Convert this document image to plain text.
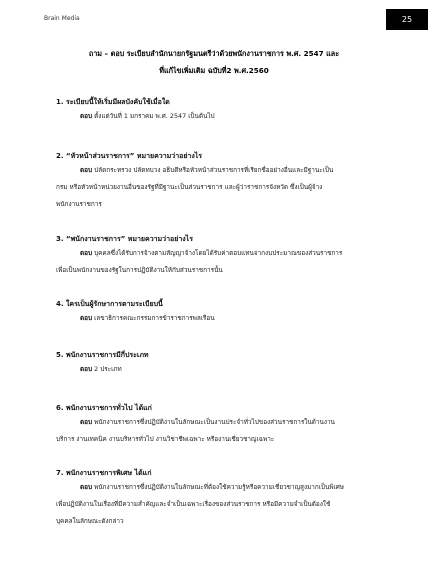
Brain Media	25
ถาม – ตอบ ระเบียบสำนักนายกรัฐมนตรีว่าด้วยพนักงานราชการ พ.ศ. 2547 และ
ที่แก้ไขเพิ่มเติม ฉบับที่2 พ.ศ.2560

1. ระเบียบนี้ให้เริ่มมีผลบังคับใช้เมื่อใด

ตอบ ตั้งแต่วันที่ 1 มกราคม พ.ศ. 2547 เป็นต้นไป

2. “หัวหน้าส่วนราชการ” หมายความว่าอย่างไร

ตอบ ปลัดกระทรวง ปลัดทบวง อธิบดีหรือหัวหน้าส่วนราชการที่เรียกชื่ออย่างอื่นและมีฐานะเป็น

กรม หรือหัวหน้าหน่วยงานอื่นของรัฐที่มีฐานะเป็นส่วนราชการ และผู้ว่าราชการจังหวัด ซึ่งเป็นผู้จ้าง

พนักงานราชการ

3. “พนักงานราชการ” หมายความว่าอย่างไร

ตอบ บุคคลซึ่งได้รับการจ้างตามสัญญาจ้างโดยได้รับค่าตอบแทนจากงบประมาณของส่วนราชการ

เพื่อเป็นพนักงานของรัฐในการปฏิบัติงานให้กับส่วนราชการนั้น

4. ใครเป็นผู้รักษาการตามระเบียบนี้

ตอบ เลขาธิการคณะกรรมการข้าราชการพลเรือน

5. พนักงานราชการมีกี่ประเภท

ตอบ 2 ประเภท

6. พนักงานราชการทั่วไป ได้แก่

ตอบ พนักงานราชการซึ่งปฏิบัติงานในลักษณะเป็นงานประจำทั่วไปของส่วนราชการในด้านงาน

บริการ งานเทคนิค งานบริหารทั่วไป งานวิชาชีพเฉพาะ หรืองานเชี่ยวชาญเฉพาะ

7. พนักงานราชการพิเศษ ได้แก่

ตอบ พนักงานราชการซึ่งปฏิบัติงานในลักษณะที่ต้องใช้ความรู้หรือความเชี่ยวชาญสูงมากเป็นพิเศษ

เพื่อปฏิบัติงานในเรื่องที่มีความสำคัญและจำเป็นเฉพาะเรื่องของส่วนราชการ หรือมีความจำเป็นต้องใช้

บุคคลในลักษณะดังกล่าว
